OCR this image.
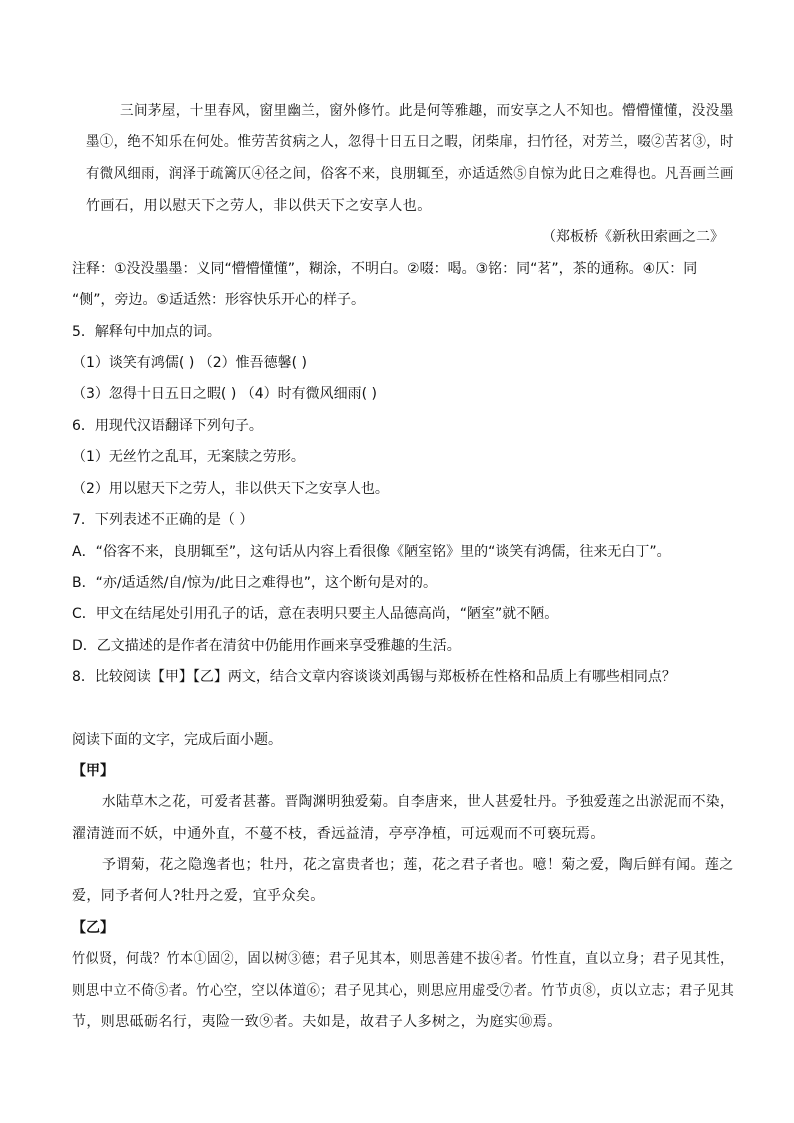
三间茅屋，十里春风，窗里幽兰，窗外修竹。此是何等雅趣，而安享之人不知也。懵懵懂懂，没没墨
墨①，绝不知乐在何处。惟劳苦贫病之人，忽得十日五日之暇，闭柴扉，扫竹径，对芳兰，啜②苦茗③，时
有微风细雨，润泽于疏篱仄④径之间，俗客不来，良朋辄至，亦适适然⑤自惊为此日之难得也。凡吾画兰画
竹画石，用以慰天下之劳人，非以供天下之安享人也。
（郑板桥《新秋田索画之二》
注释：①没没墨墨：义同“懵懵懂懂”，糊涂，不明白。②啜：喝。③铭：同“茗”，茶的通称。④仄：同
“侧”，旁边。⑤适适然：形容快乐开心的样子。
5．解释句中加点的词。
（1）谈笑有鸿儒( ) （2）惟吾德馨( )
（3）忽得十日五日之暇( ) （4）时有微风细雨( )
6．用现代汉语翻译下列句子。
（1）无丝竹之乱耳，无案牍之劳形。
（2）用以慰天下之劳人，非以供天下之安享人也。
7．下列表述不正确的是（ ）
A．“俗客不来，良朋辄至”，这句话从内容上看很像《陋室铭》里的“谈笑有鸿儒，往来无白丁”。
B．“亦/适适然/自/惊为/此日之难得也”，这个断句是对的。
C．甲文在结尾处引用孔子的话，意在表明只要主人品德高尚，“陋室”就不陋。
D．乙文描述的是作者在清贫中仍能用作画来享受雅趣的生活。
8．比较阅读【甲】【乙】两文，结合文章内容谈谈刘禹锡与郑板桥在性格和品质上有哪些相同点？
阅读下面的文字，完成后面小题。
【甲】
水陆草木之花，可爱者甚蕃。晋陶渊明独爱菊。自李唐来，世人甚爱牡丹。予独爱莲之出淤泥而不染，
濯清涟而不妖，中通外直，不蔓不枝，香远益清，亭亭净植，可远观而不可亵玩焉。
予谓菊，花之隐逸者也；牡丹，花之富贵者也；莲，花之君子者也。噫！菊之爱，陶后鲜有闻。莲之
爱，同予者何人?牡丹之爱，宜乎众矣。
【乙】
竹似贤，何哉？竹本①固②，固以树③德；君子见其本，则思善建不拔④者。竹性直，直以立身；君子见其性，
则思中立不倚⑤者。竹心空，空以体道⑥；君子见其心，则思应用虚受⑦者。竹节贞⑧，贞以立志；君子见其
节，则思砥砺名行，夷险一致⑨者。夫如是，故君子人多树之，为庭实⑩焉。
